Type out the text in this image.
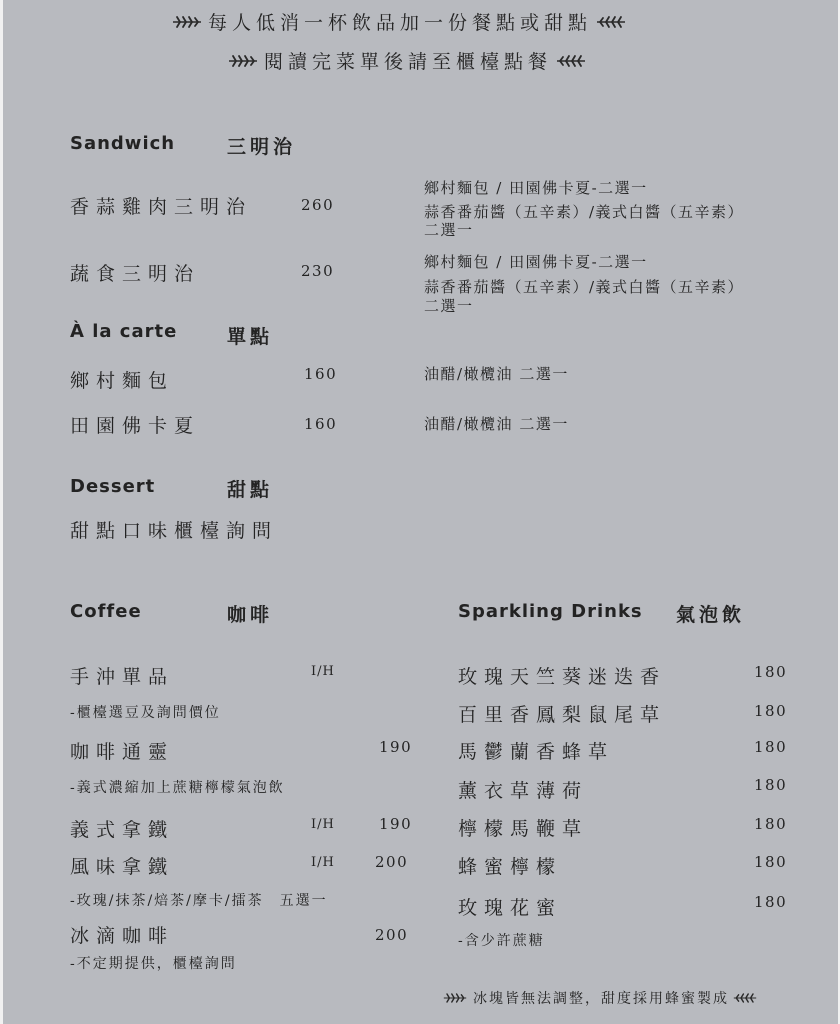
每人低消一杯飲品加一份餐點或甜點
閱讀完菜單後請至櫃檯點餐
Sandwich	三明治
香蒜雞肉三明治	260
鄉村麵包 / 田園佛卡夏-二選一
蒜香番茄醬（五辛素）/義式白醬（五辛素）
二選一
蔬食三明治	230	鄉村麵包 / 田園佛卡夏-二選一
蒜香番茄醬（五辛素）/義式白醬（五辛素）
二選一
À la carte	單點
鄉村麵包	160	油醋/橄欖油 二選一
田園佛卡夏	160	油醋/橄欖油 二選一
Dessert	甜點
甜點口味櫃檯詢問
Coffee	咖啡
手沖單品	I/H
-櫃檯選豆及詢問價位
咖啡通靈	190
-義式濃縮加上蔗糖檸檬氣泡飲
義式拿鐵	I/H	190
風味拿鐵	I/H	200
-玫瑰/抹茶/焙茶/摩卡/擂茶　五選一
冰滴咖啡	200
-不定期提供，櫃檯詢問
Sparkling Drinks 氣泡飲
玫瑰天竺葵迷迭香	180
百里香鳳梨鼠尾草	180
馬鬱蘭香蜂草	180
薰衣草薄荷	180
檸檬馬鞭草	180
蜂蜜檸檬	180
玫瑰花蜜	180
-含少許蔗糖
冰塊皆無法調整，甜度採用蜂蜜製成
